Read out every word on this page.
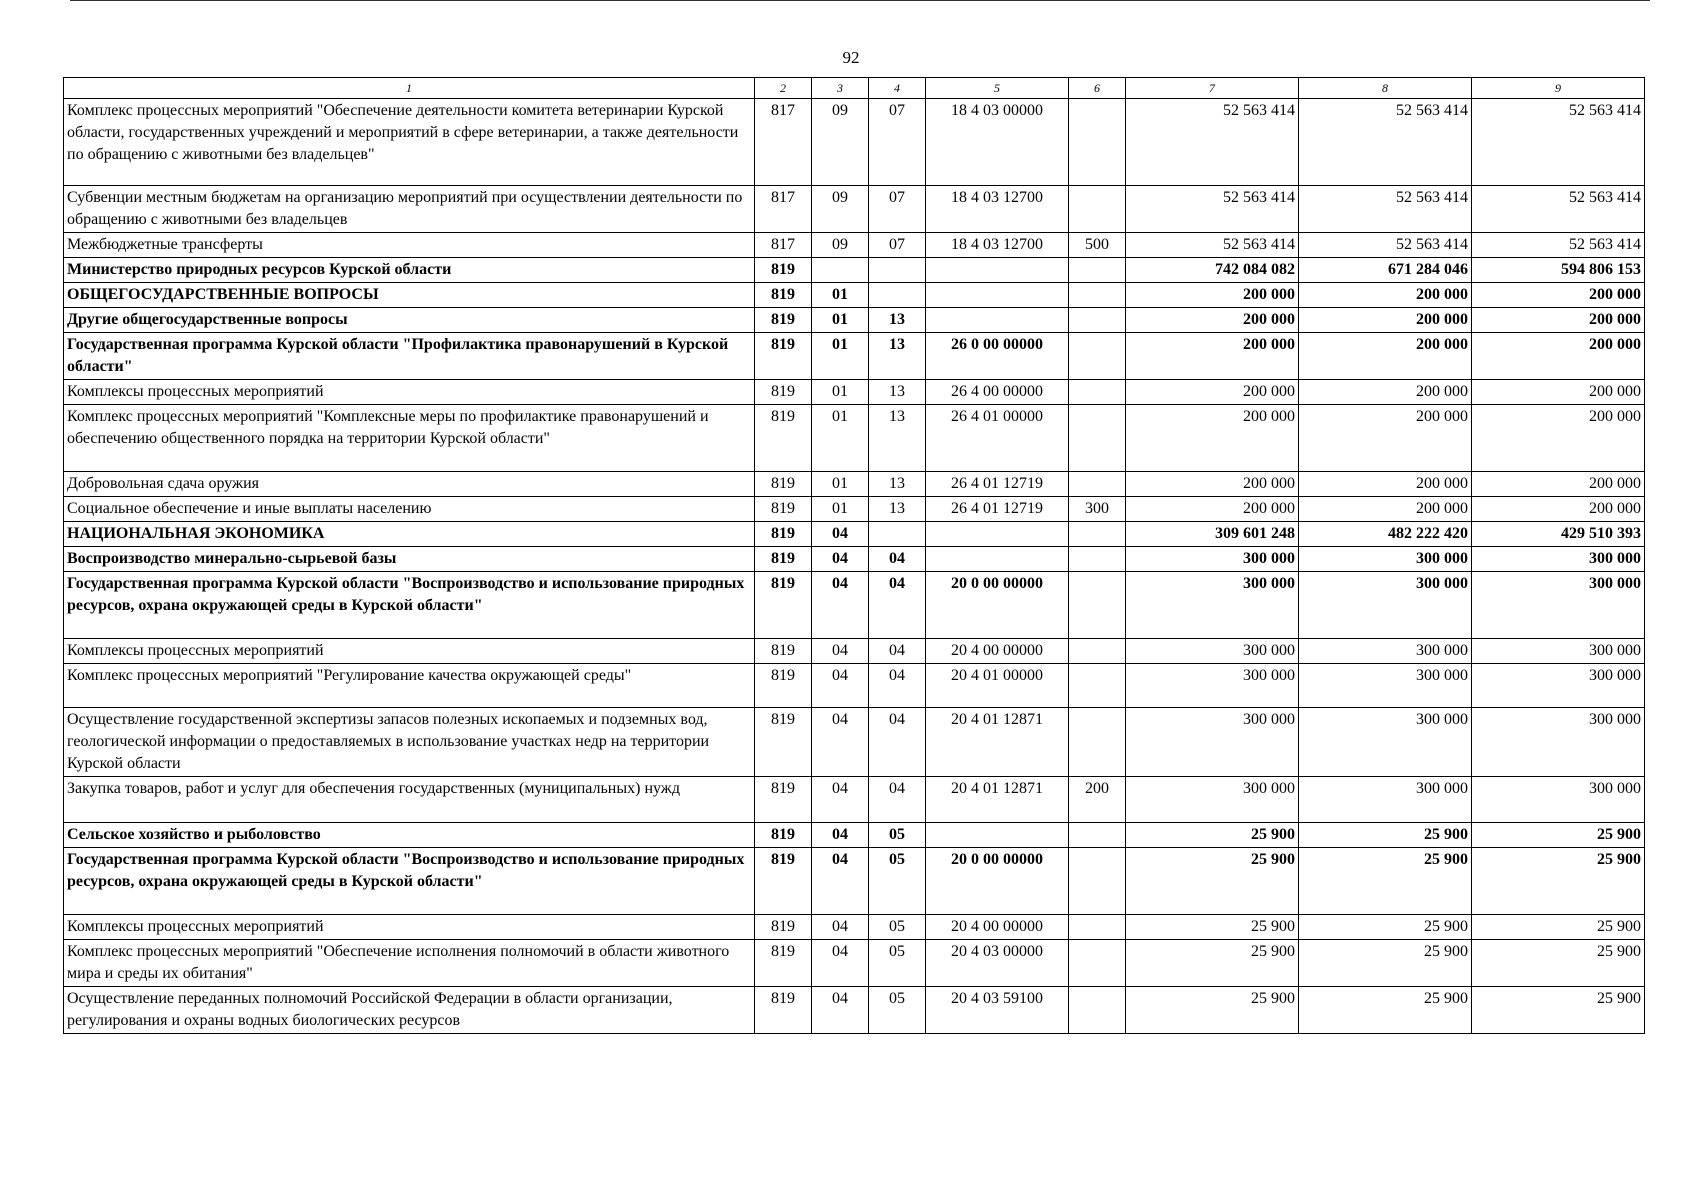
92
1	2	3	4	5	6	7	8	9
Комплекс процессных мероприятий "Обеспечение деятельности комитета ветеринарии Курской области, государственных учреждений и мероприятий в сфере ветеринарии, а также деятельности по обращению с животными без владельцев"	817	09	07	18 4 03 00000		52 563 414	52 563 414	52 563 414
Субвенции местным бюджетам на организацию мероприятий при осуществлении деятельности по обращению с животными без владельцев	817	09	07	18 4 03 12700		52 563 414	52 563 414	52 563 414
Межбюджетные трансферты	817	09	07	18 4 03 12700	500	52 563 414	52 563 414	52 563 414
Министерство природных ресурсов Курской области	819					742 084 082	671 284 046	594 806 153
ОБЩЕГОСУДАРСТВЕННЫЕ ВОПРОСЫ	819	01				200 000	200 000	200 000
Другие общегосударственные вопросы	819	01	13			200 000	200 000	200 000
Государственная программа Курской области "Профилактика правонарушений в Курской области"	819	01	13	26 0 00 00000		200 000	200 000	200 000
Комплексы процессных мероприятий	819	01	13	26 4 00 00000		200 000	200 000	200 000
Комплекс процессных мероприятий "Комплексные меры по профилактике правонарушений и обеспечению общественного порядка на территории Курской области"	819	01	13	26 4 01 00000		200 000	200 000	200 000
Добровольная сдача оружия	819	01	13	26 4 01 12719		200 000	200 000	200 000
Социальное обеспечение и иные выплаты населению	819	01	13	26 4 01 12719	300	200 000	200 000	200 000
НАЦИОНАЛЬНАЯ ЭКОНОМИКА	819	04				309 601 248	482 222 420	429 510 393
Воспроизводство минерально-сырьевой базы	819	04	04			300 000	300 000	300 000
Государственная программа Курской области "Воспроизводство и использование природных ресурсов, охрана окружающей среды в Курской области"	819	04	04	20 0 00 00000		300 000	300 000	300 000
Комплексы процессных мероприятий	819	04	04	20 4 00 00000		300 000	300 000	300 000
Комплекс процессных мероприятий "Регулирование качества окружающей среды"	819	04	04	20 4 01 00000		300 000	300 000	300 000
Осуществление государственной экспертизы запасов полезных ископаемых и подземных вод, геологической информации о предоставляемых в использование участках недр на территории Курской области	819	04	04	20 4 01 12871		300 000	300 000	300 000
Закупка товаров, работ и услуг для обеспечения государственных (муниципальных) нужд	819	04	04	20 4 01 12871	200	300 000	300 000	300 000
Сельское хозяйство и рыболовство	819	04	05			25 900	25 900	25 900
Государственная программа Курской области "Воспроизводство и использование природных ресурсов, охрана окружающей среды в Курской области"	819	04	05	20 0 00 00000		25 900	25 900	25 900
Комплексы процессных мероприятий	819	04	05	20 4 00 00000		25 900	25 900	25 900
Комплекс процессных мероприятий "Обеспечение исполнения полномочий в области животного мира и среды их обитания"	819	04	05	20 4 03 00000		25 900	25 900	25 900
Осуществление переданных полномочий Российской Федерации в области организации, регулирования и охраны водных биологических ресурсов	819	04	05	20 4 03 59100		25 900	25 900	25 900
